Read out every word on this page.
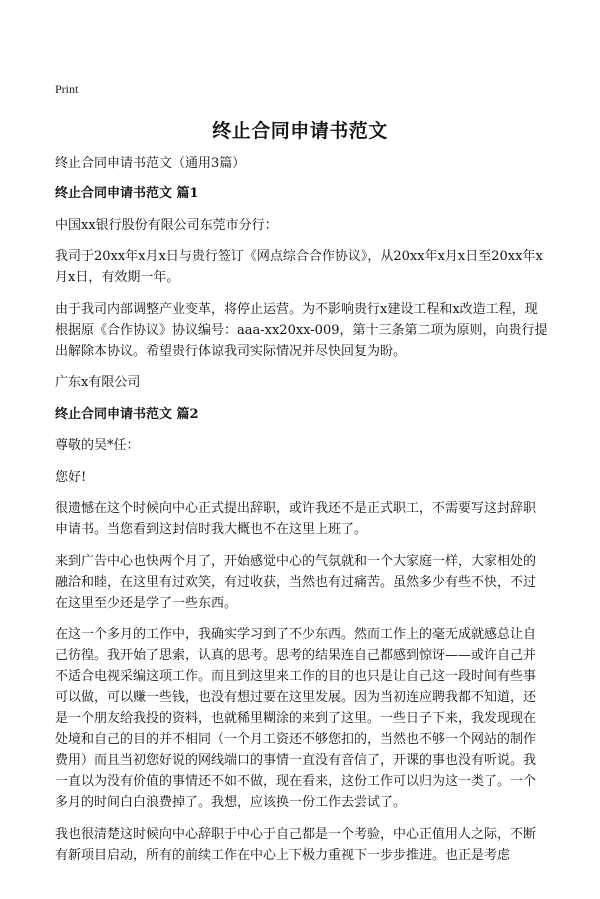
Print
终止合同申请书范文

终止合同申请书范文（通用3篇）

终止合同申请书范文 篇1

中国xx银行股份有限公司东莞市分行：

我司于20xx年x月x日与贵行签订《网点综合合作协议》，从20xx年x月x日至20xx年x月x日，有效期一年。

由于我司内部调整产业变革，将停止运营。为不影响贵行x建设工程和x改造工程，现根据原《合作协议》协议编号：aaa-xx20xx-009，第十三条第二项为原则，向贵行提出解除本协议。希望贵行体谅我司实际情况并尽快回复为盼。

广东x有限公司

终止合同申请书范文 篇2

尊敬的吴*任：

您好!

很遗憾在这个时候向中心正式提出辞职，或许我还不是正式职工，不需要写这封辞职申请书。当您看到这封信时我大概也不在这里上班了。

来到广告中心也快两个月了，开始感觉中心的气氛就和一个大家庭一样，大家相处的融洽和睦，在这里有过欢笑，有过收获，当然也有过痛苦。虽然多少有些不快，不过在这里至少还是学了一些东西。

在这一个多月的工作中，我确实学习到了不少东西。然而工作上的毫无成就感总让自己彷徨。我开始了思索，认真的思考。思考的结果连自己都感到惊讶——或许自己并不适合电视采编这项工作。而且到这里来工作的目的也只是让自己这一段时间有些事可以做，可以赚一些钱，也没有想过要在这里发展。因为当初连应聘我都不知道，还是一个朋友给我投的资料，也就稀里糊涂的来到了这里。一些日子下来，我发现现在处境和自己的目的并不相同（一个月工资还不够您扣的，当然也不够一个网站的制作费用）而且当初您好说的网线端口的事情一直没有音信了，开课的事也没有听说。我一直以为没有价值的事情还不如不做，现在看来，这份工作可以归为这一类了。一个多月的时间白白浪费掉了。我想，应该换一份工作去尝试了。

我也很清楚这时候向中心辞职于中心于自己都是一个考验，中心正值用人之际，不断有新项目启动，所有的前续工作在中心上下极力重视下一步步推进。也正是考虑
